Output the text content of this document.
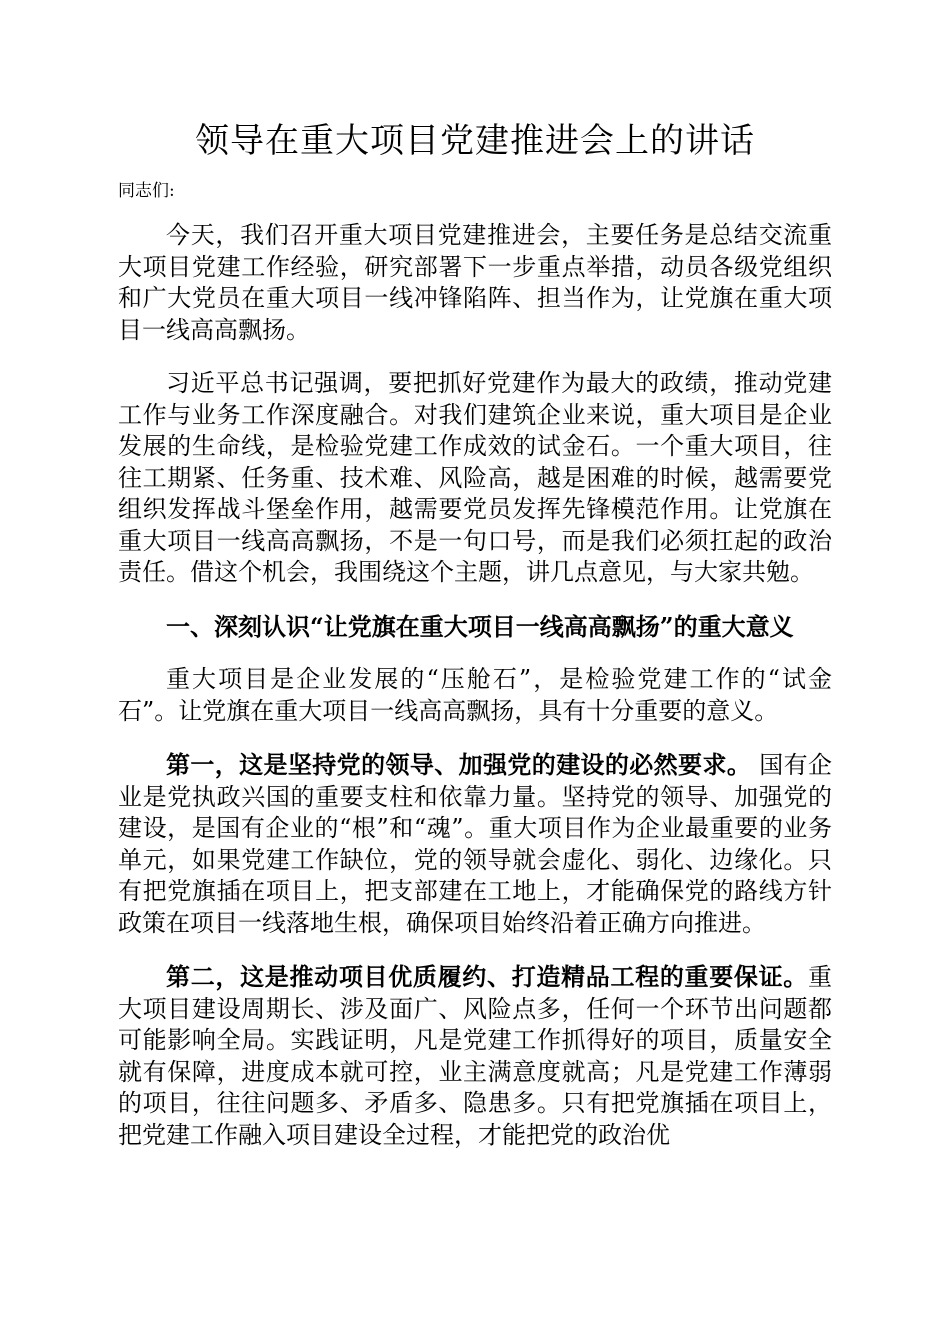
领导在重大项目党建推进会上的讲话

同志们:

今天，我们召开重大项目党建推进会，主要任务是总结交流重大项目党建工作经验，研究部署下一步重点举措，动员各级党组织和广大党员在重大项目一线冲锋陷阵、担当作为，让党旗在重大项目一线高高飘扬。

习近平总书记强调，要把抓好党建作为最大的政绩，推动党建工作与业务工作深度融合。对我们建筑企业来说，重大项目是企业发展的生命线，是检验党建工作成效的试金石。一个重大项目，往往工期紧、任务重、技术难、风险高，越是困难的时候，越需要党组织发挥战斗堡垒作用，越需要党员发挥先锋模范作用。让党旗在重大项目一线高高飘扬，不是一句口号，而是我们必须扛起的政治责任。借这个机会，我围绕这个主题，讲几点意见，与大家共勉。

一、深刻认识“让党旗在重大项目一线高高飘扬”的重大意义

重大项目是企业发展的“压舱石”，是检验党建工作的“试金石”。让党旗在重大项目一线高高飘扬，具有十分重要的意义。

第一，这是坚持党的领导、加强党的建设的必然要求。 国有企业是党执政兴国的重要支柱和依靠力量。坚持党的领导、加强党的建设，是国有企业的“根”和“魂”。重大项目作为企业最重要的业务单元，如果党建工作缺位，党的领导就会虚化、弱化、边缘化。只有把党旗插在项目上，把支部建在工地上，才能确保党的路线方针政策在项目一线落地生根，确保项目始终沿着正确方向推进。

第二，这是推动项目优质履约、打造精品工程的重要保证。重大项目建设周期长、涉及面广、风险点多，任何一个环节出问题都可能影响全局。实践证明，凡是党建工作抓得好的项目，质量安全就有保障，进度成本就可控，业主满意度就高；凡是党建工作薄弱的项目，往往问题多、矛盾多、隐患多。只有把党旗插在项目上，把党建工作融入项目建设全过程，才能把党的政治优
